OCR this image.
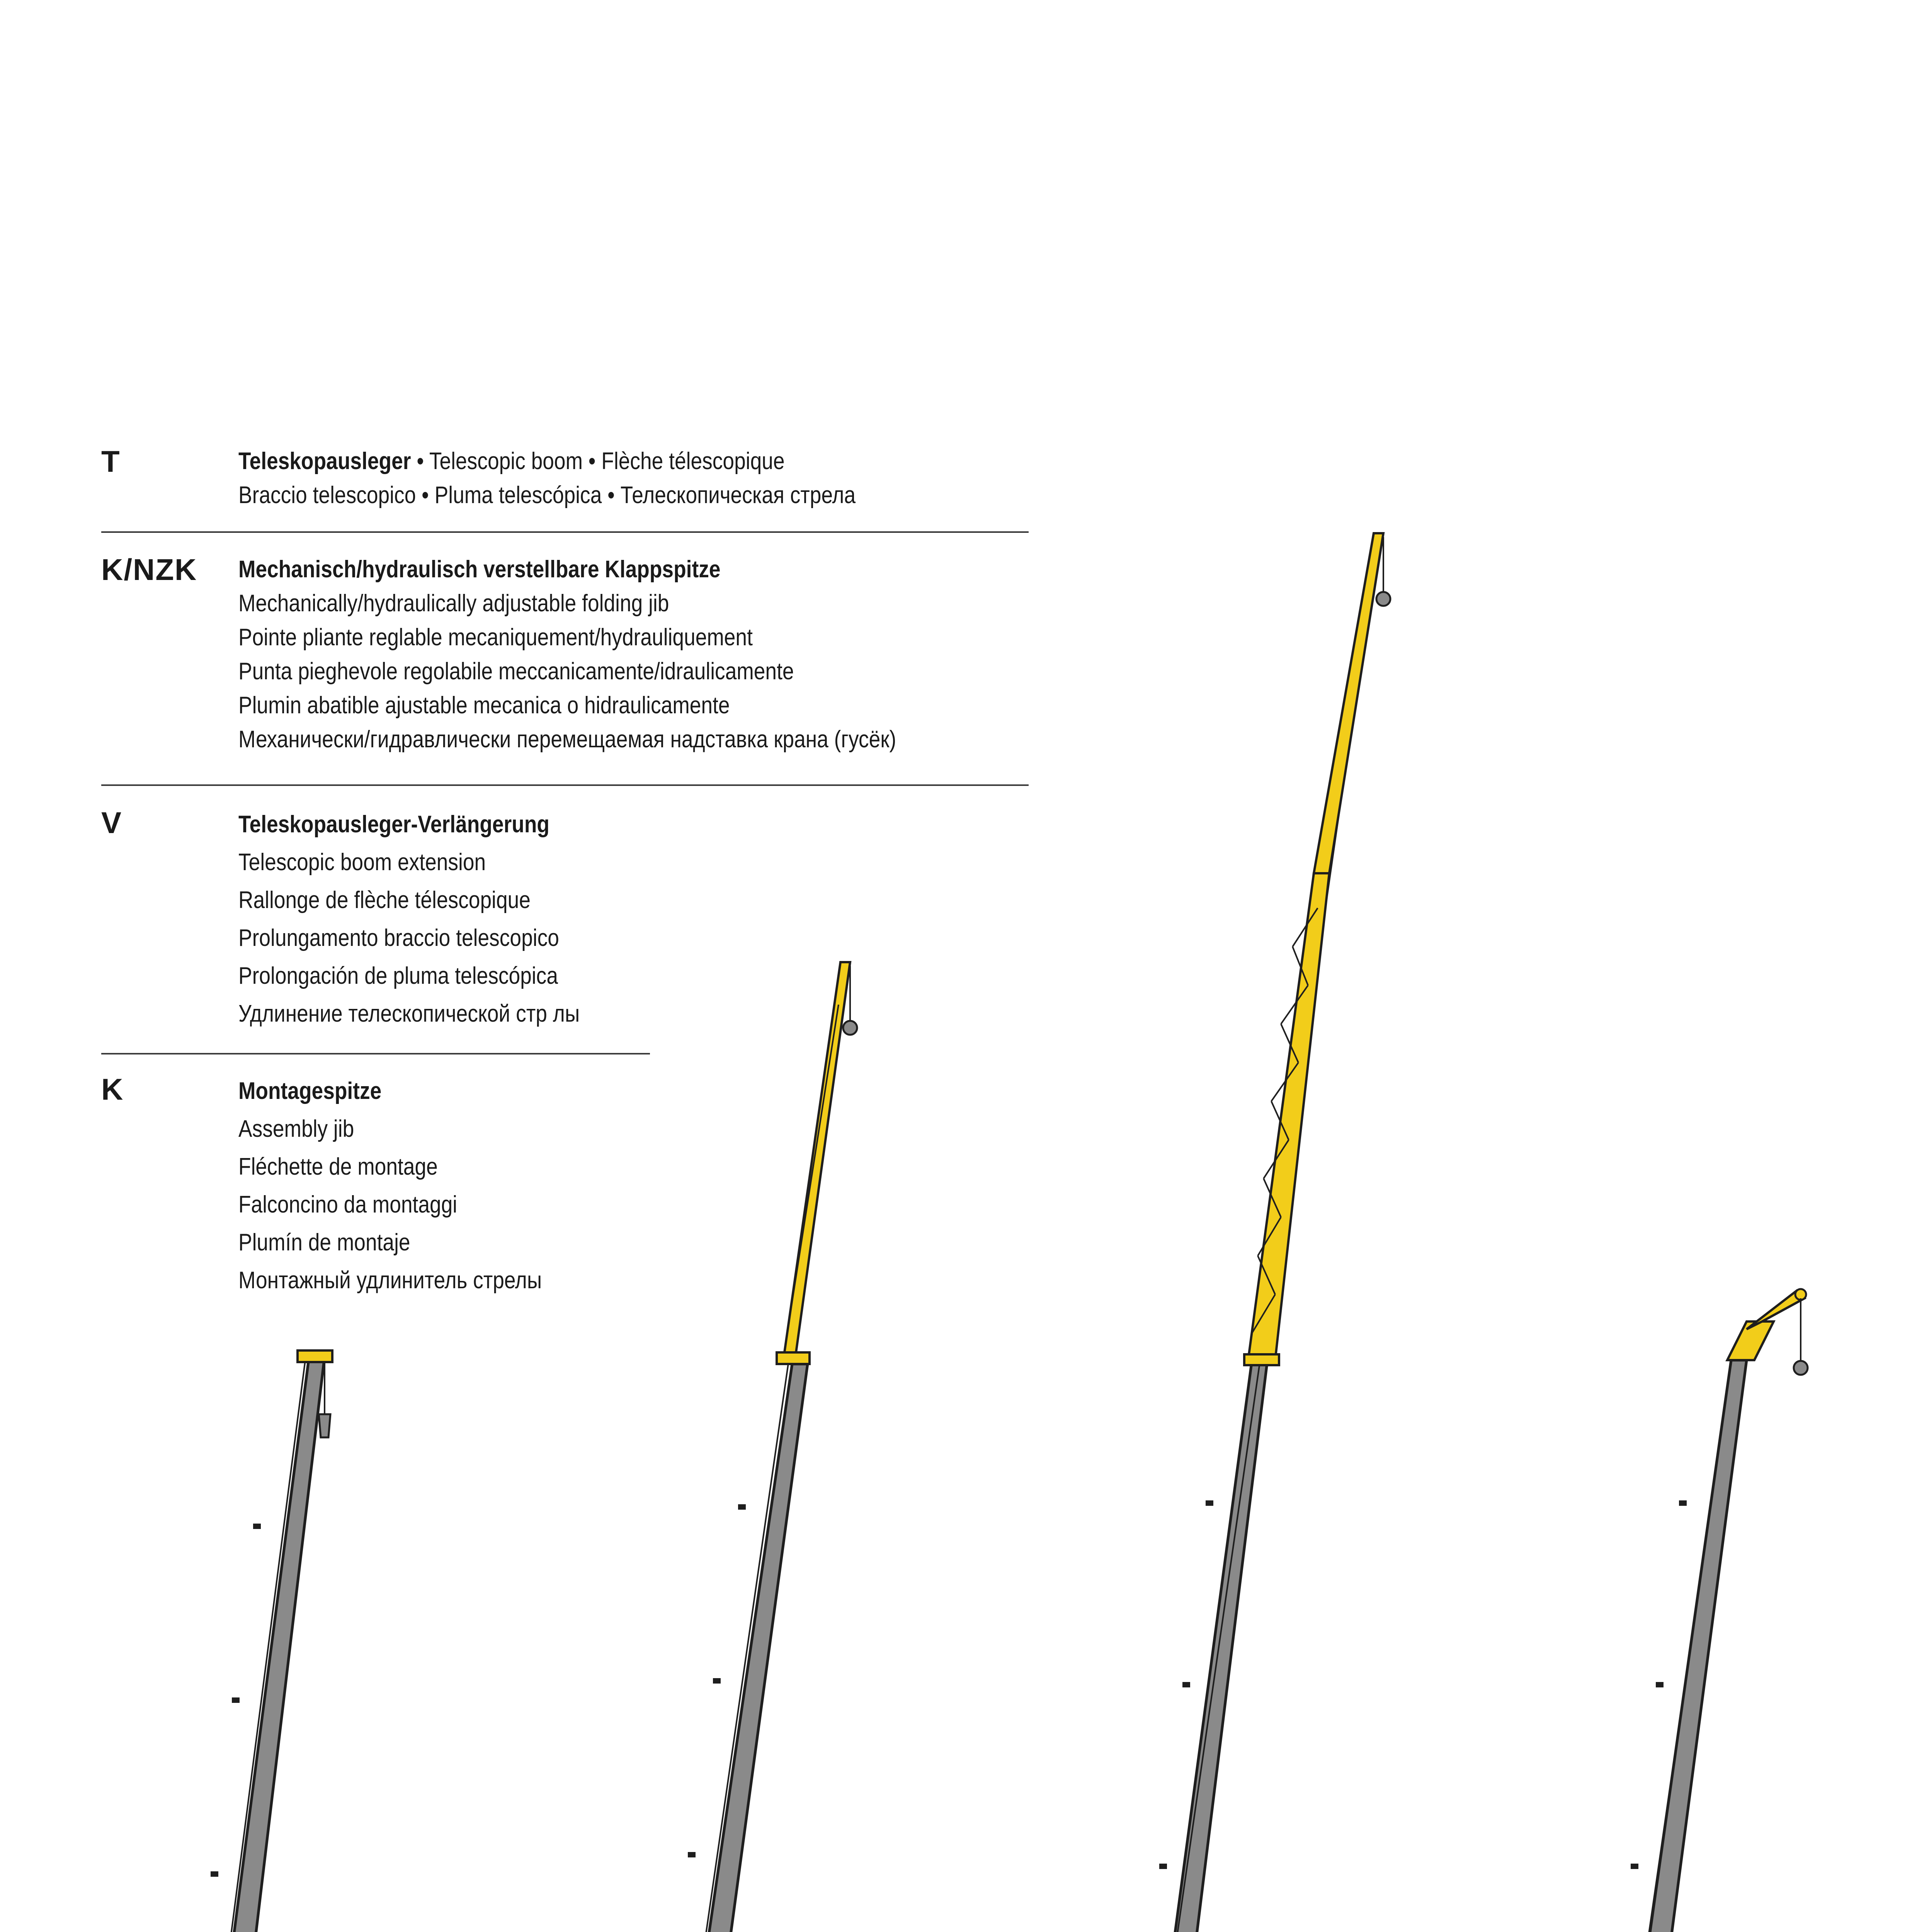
T	Teleskopausleger • Telescopic boom • Flèche télescopique
Braccio telescopico • Pluma telescópica • Телескопическая стрела
K/NZK Mechanisch/hydraulisch verstellbare Klappspitze
Mechanically/hydraulically adjustable folding jib
Pointe pliante reglable mecaniquement/hydrauliquement
Punta pieghevole regolabile meccanicamente/idraulicamente
Plumin abatible ajustable mecanica o hidraulicamente
Механически/гидравлически перемещаемая надставка крана (гусёк)
V	Teleskopausleger-Verlängerung
Telescopic boom extension
Rallonge de flèche télescopique
Prolungamento braccio telescopico
Prolongación de pluma telescópica
Удлинение телескопической стр лы
K	Montagespitze
Assembly jib
Fléchette de montage
Falconcino da montaggi
Plumín de montaje
Монтажный удлинитель стрелы
